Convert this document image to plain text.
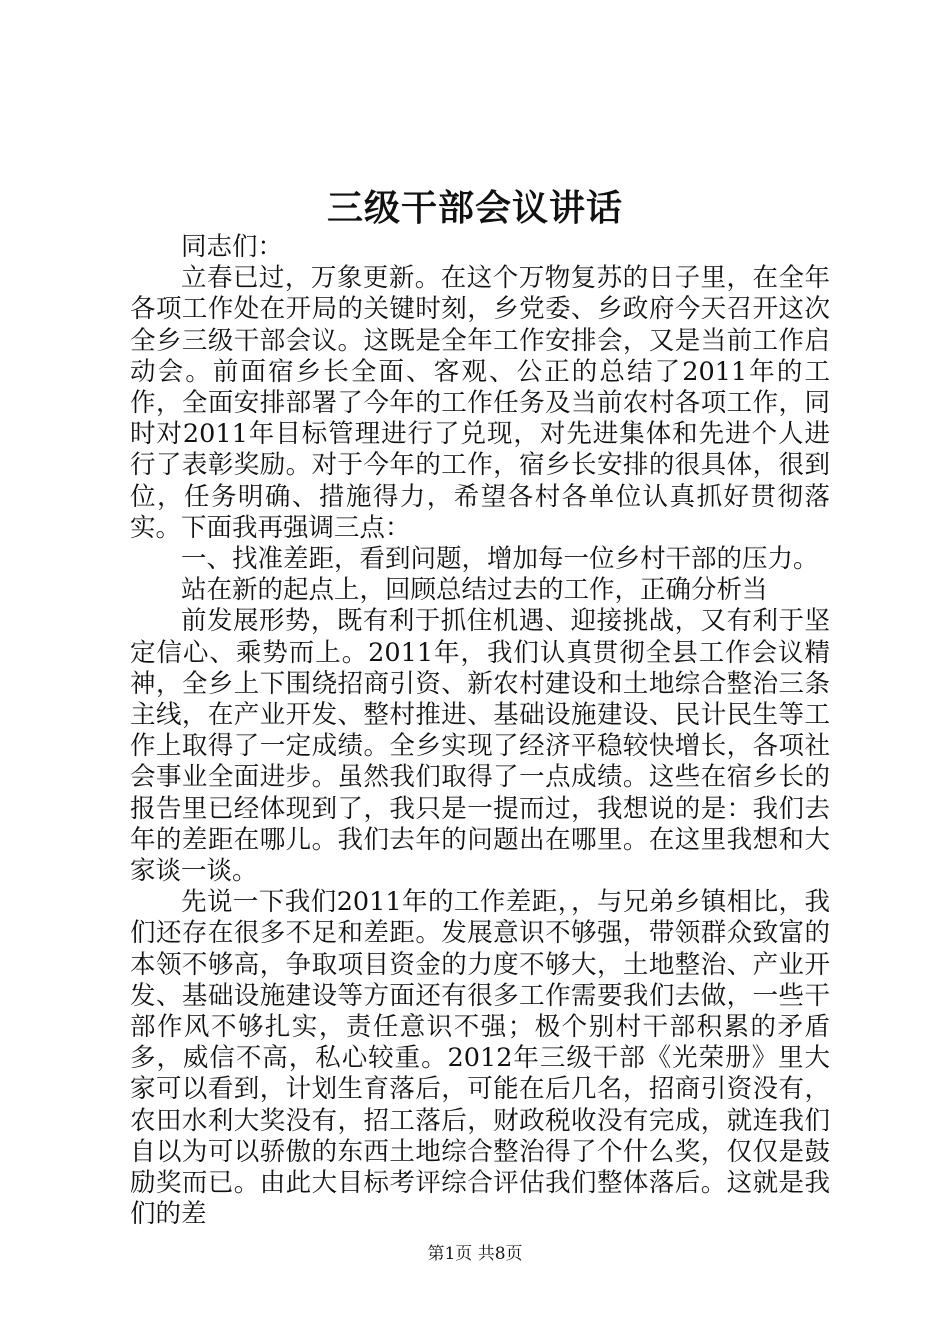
三级干部会议讲话

同志们：

立春已过，万象更新。在这个万物复苏的日子里，在全年各项工作处在开局的关键时刻，乡党委、乡政府今天召开这次全乡三级干部会议。这既是全年工作安排会，又是当前工作启动会。前面宿乡长全面、客观、公正的总结了2011年的工作，全面安排部署了今年的工作任务及当前农村各项工作，同时对2011年目标管理进行了兑现，对先进集体和先进个人进行了表彰奖励。对于今年的工作，宿乡长安排的很具体，很到位，任务明确、措施得力，希望各村各单位认真抓好贯彻落实。下面我再强调三点：

一、找准差距，看到问题，增加每一位乡村干部的压力。

站在新的起点上，回顾总结过去的工作，正确分析当

前发展形势，既有利于抓住机遇、迎接挑战，又有利于坚定信心、乘势而上。2011年，我们认真贯彻全县工作会议精神，全乡上下围绕招商引资、新农村建设和土地综合整治三条主线，在产业开发、整村推进、基础设施建设、民计民生等工作上取得了一定成绩。全乡实现了经济平稳较快增长，各项社会事业全面进步。虽然我们取得了一点成绩。这些在宿乡长的报告里已经体现到了，我只是一提而过，我想说的是：我们去年的差距在哪儿。我们去年的问题出在哪里。在这里我想和大家谈一谈。

先说一下我们2011年的工作差距，，与兄弟乡镇相比，我们还存在很多不足和差距。发展意识不够强，带领群众致富的本领不够高，争取项目资金的力度不够大，土地整治、产业开发、基础设施建设等方面还有很多工作需要我们去做，一些干部作风不够扎实，责任意识不强；极个别村干部积累的矛盾多，威信不高，私心较重。2012年三级干部《光荣册》里大家可以看到，计划生育落后，可能在后几名，招商引资没有，农田水利大奖没有，招工落后，财政税收没有完成，就连我们自以为可以骄傲的东西土地综合整治得了个什么奖，仅仅是鼓励奖而已。由此大目标考评综合评估我们整体落后。这就是我们的差

第1页 共8页
